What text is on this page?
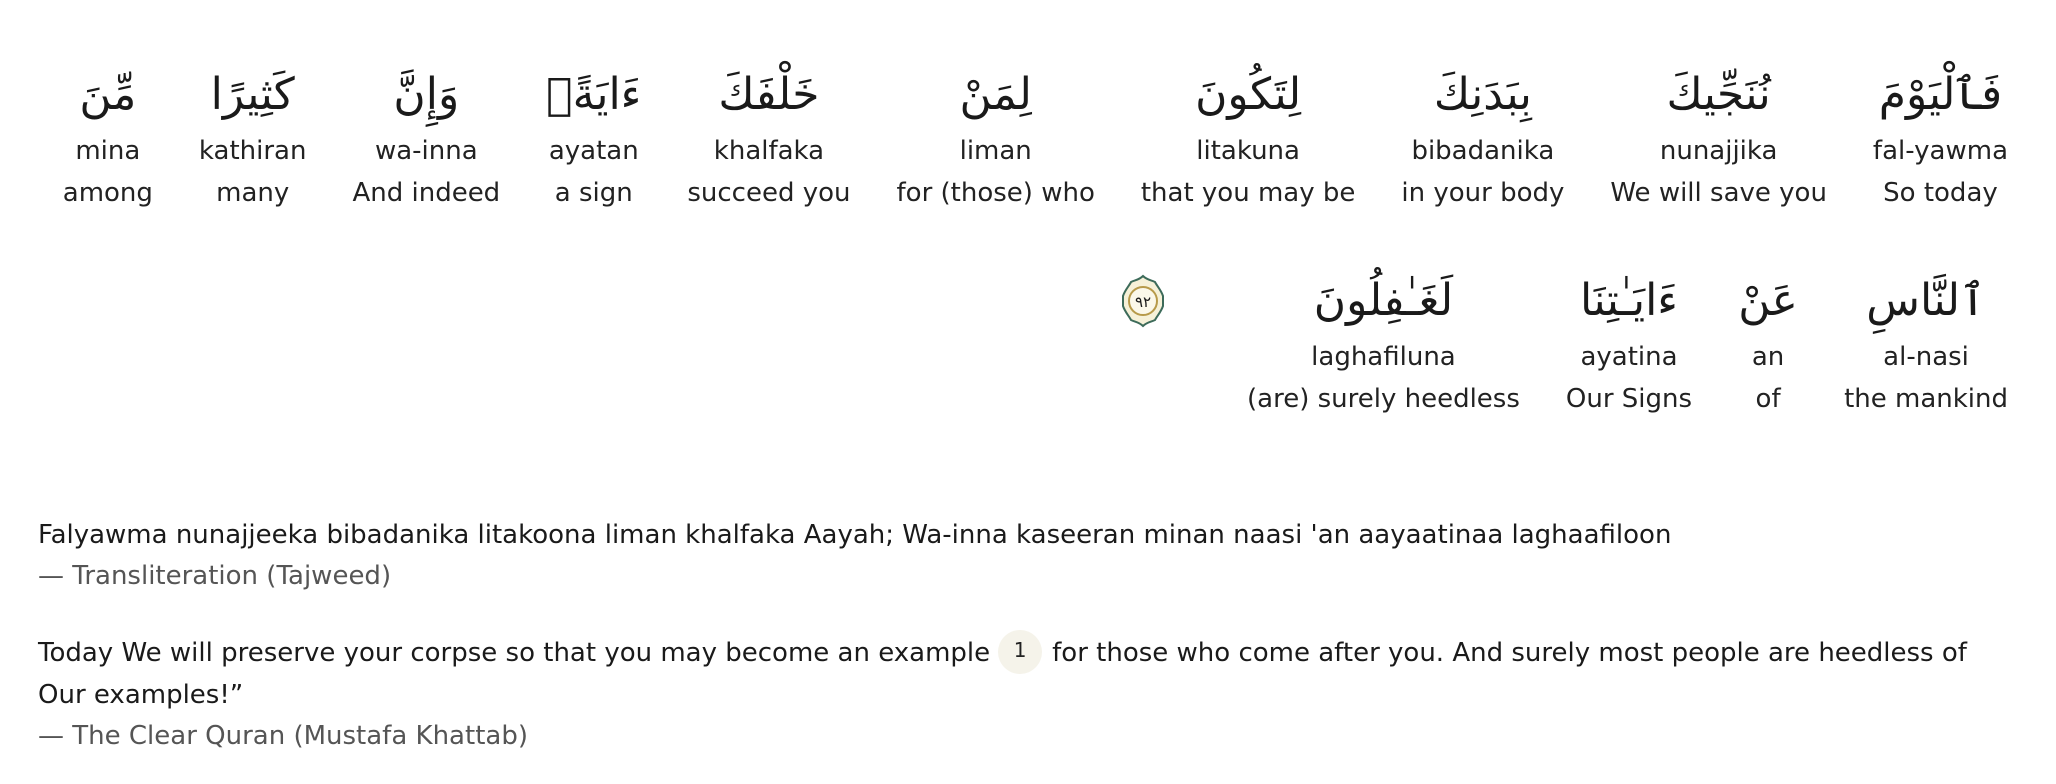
فَٱلْيَوْمَ
fal-yawma
So today
نُنَجِّيكَ
nunajjika
We will save you
بِبَدَنِكَ
bibadanika
in your body
لِتَكُونَ
litakuna
that you may be
لِمَنْ
liman
for (those) who
خَلْفَكَ
khalfaka
succeed you
ءَايَةًۚ
ayatan
a sign
وَإِنَّ
wa-inna
And indeed
كَثِيرًا
kathiran
many
مِّنَ
mina
among
ٱلنَّاسِ
al-nasi
the mankind
عَنْ
an
of
ءَايَـٰتِنَا
ayatina
Our Signs
لَغَـٰفِلُونَ
laghafiluna
(are) surely heedless
٩٢
Falyawma nunajjeeka bibadanika litakoona liman khalfaka Aayah; Wa-inna kaseeran minan naasi 'an aayaatinaa laghaafiloon
— Transliteration (Tajweed)
Today We will preserve your corpse so that you may become an example 1 for those who come after you. And surely most people are heedless of Our examples!”
— The Clear Quran (Mustafa Khattab)
